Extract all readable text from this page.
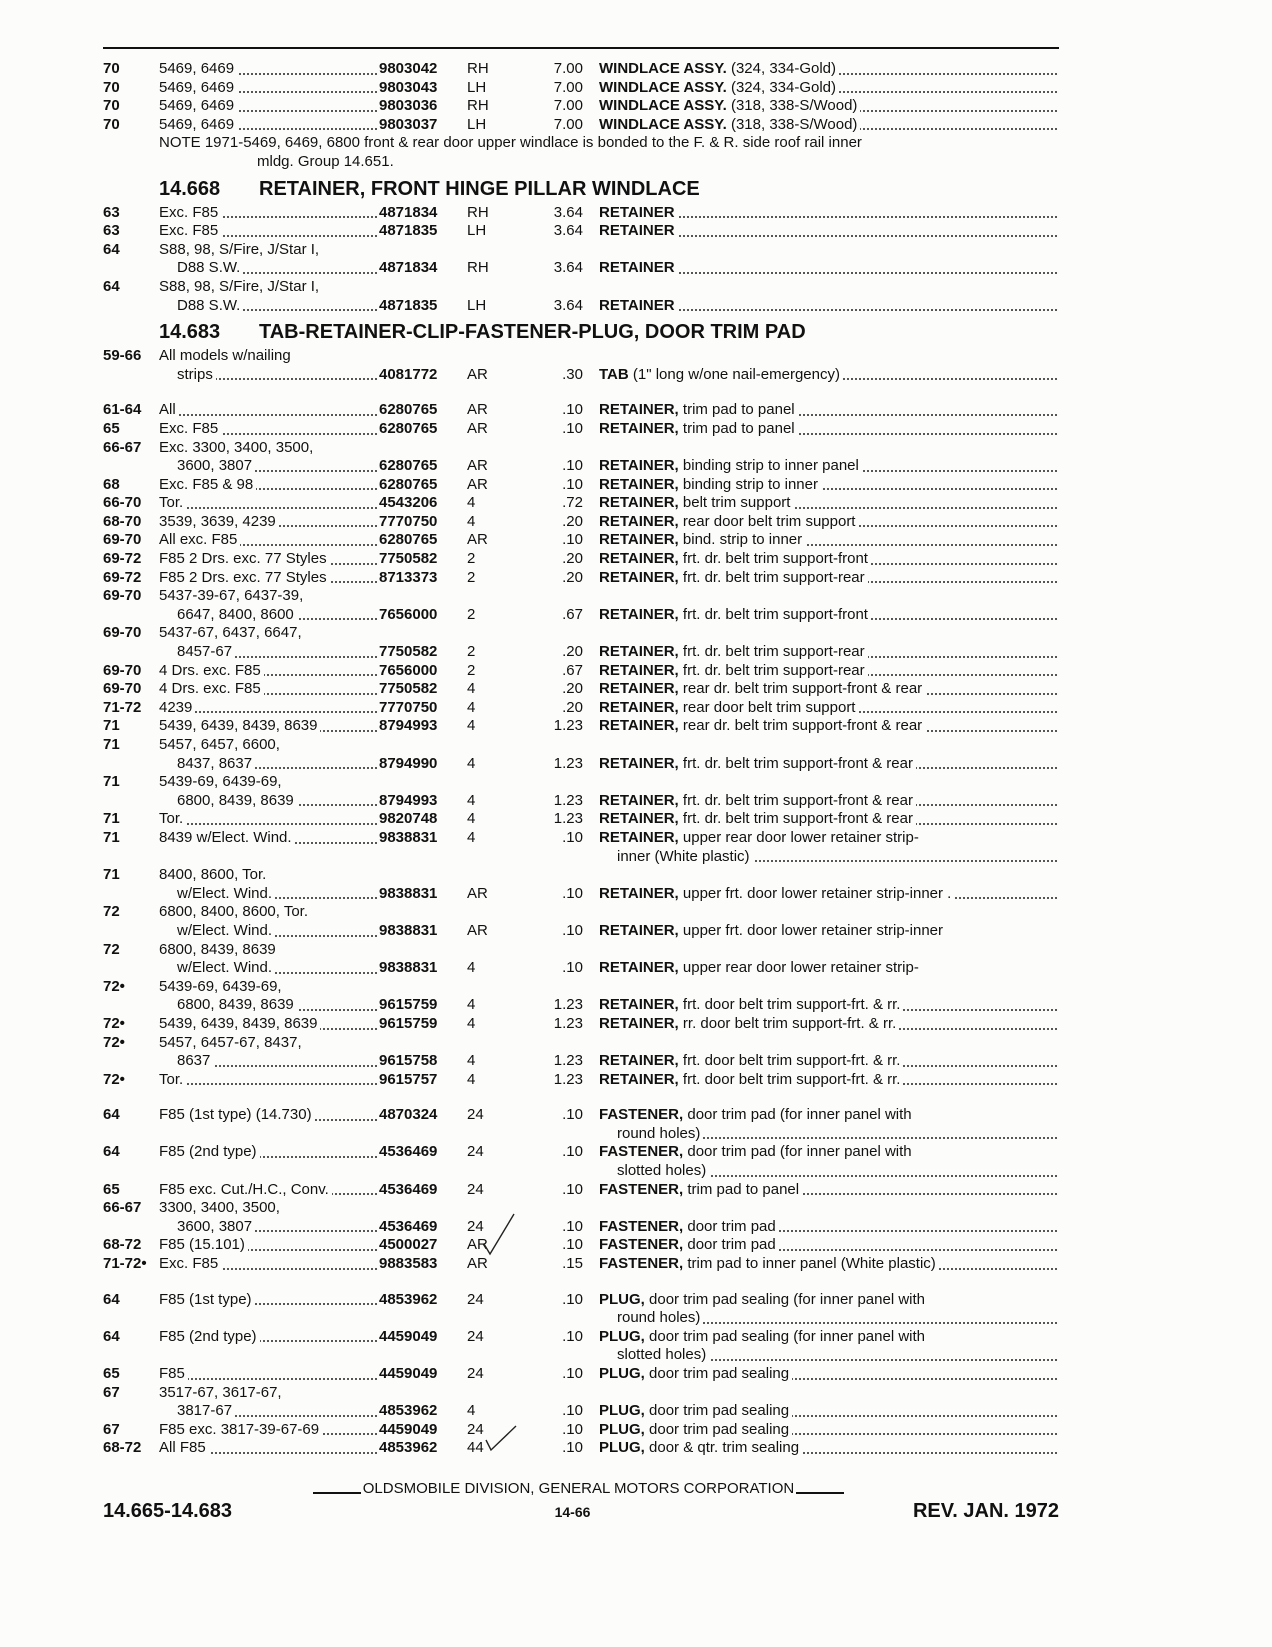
70	5469, 6469	9803042	RH	7.00 WINDLACE ASSY. (324, 334-Gold)
70	5469, 6469	9803043	LH	7.00 WINDLACE ASSY. (324, 334-Gold)
70	5469, 6469	9803036	RH	7.00 WINDLACE ASSY. (318, 338-S/Wood)
70	5469, 6469	9803037	LH	7.00 WINDLACE ASSY. (318, 338-S/Wood)
NOTE 1971-5469, 6469, 6800 front & rear door upper windlace is bonded to the F. & R. side roof rail inner
mldg. Group 14.651.
14.668 RETAINER, FRONT HINGE PILLAR WINDLACE
63	Exc. F85	4871834	RH	3.64 RETAINER
63	Exc. F85	4871835	LH	3.64 RETAINER
64	S88, 98, S/Fire, J/Star I,
D88 S.W.	4871834	RH	3.64 RETAINER
64	S88, 98, S/Fire, J/Star I,
D88 S.W.	4871835	LH	3.64 RETAINER
14.683 TAB-RETAINER-CLIP-FASTENER-PLUG, DOOR TRIM PAD
59-66	All models w/nailing
strips	4081772	AR	.30 TAB (1" long w/one nail-emergency)
61-64	All	6280765	AR	.10 RETAINER, trim pad to panel
65	Exc. F85	6280765	AR	.10 RETAINER, trim pad to panel
66-67	Exc. 3300, 3400, 3500,
3600, 3807	6280765	AR	.10 RETAINER, binding strip to inner panel
68	Exc. F85 & 98	6280765	AR	.10 RETAINER, binding strip to inner
66-70	Tor.	4543206	4	.72 RETAINER, belt trim support
68-70	3539, 3639, 4239	7770750	4	.20 RETAINER, rear door belt trim support
69-70	All exc. F85	6280765	AR	.10 RETAINER, bind. strip to inner
69-72	F85 2 Drs. exc. 77 Styles	7750582	2	.20 RETAINER, frt. dr. belt trim support-front
69-72	F85 2 Drs. exc. 77 Styles	8713373	2	.20 RETAINER, frt. dr. belt trim support-rear
69-70	5437-39-67, 6437-39,
6647, 8400, 8600	7656000	2	.67 RETAINER, frt. dr. belt trim support-front
69-70	5437-67, 6437, 6647,
8457-67	7750582	2	.20 RETAINER, frt. dr. belt trim support-rear
69-70	4 Drs. exc. F85	7656000	2	.67 RETAINER, frt. dr. belt trim support-rear
69-70	4 Drs. exc. F85	7750582	4	.20 RETAINER, rear dr. belt trim support-front & rear
71-72	4239	7770750	4	.20 RETAINER, rear door belt trim support
71	5439, 6439, 8439, 8639	8794993	4	1.23 RETAINER, rear dr. belt trim support-front & rear
71	5457, 6457, 6600,
8437, 8637	8794990	4	1.23 RETAINER, frt. dr. belt trim support-front & rear
71	5439-69, 6439-69,
6800, 8439, 8639	8794993	4	1.23 RETAINER, frt. dr. belt trim support-front & rear
71	Tor.	9820748	4	1.23 RETAINER, frt. dr. belt trim support-front & rear
71	8439 w/Elect. Wind.	9838831	4	.10 RETAINER, upper rear door lower retainer strip-
inner (White plastic)
71	8400, 8600, Tor.
w/Elect. Wind.	9838831	AR	.10 RETAINER, upper frt. door lower retainer strip-inner .
72	6800, 8400, 8600, Tor.
w/Elect. Wind.	9838831	AR	.10 RETAINER, upper frt. door lower retainer strip-inner
72	6800, 8439, 8639
w/Elect. Wind.	9838831	4	.10 RETAINER, upper rear door lower retainer strip-
72•	5439-69, 6439-69,
6800, 8439, 8639	9615759	4	1.23 RETAINER, frt. door belt trim support-frt. & rr.
72•	5439, 6439, 8439, 8639	9615759	4	1.23 RETAINER, rr. door belt trim support-frt. & rr.
72•	5457, 6457-67, 8437,
8637	9615758	4	1.23 RETAINER, frt. door belt trim support-frt. & rr.
72•	Tor.	9615757	4	1.23 RETAINER, frt. door belt trim support-frt. & rr.
64	F85 (1st type) (14.730)	4870324	24	.10 FASTENER, door trim pad (for inner panel with
round holes)
64	F85 (2nd type)	4536469	24	.10 FASTENER, door trim pad (for inner panel with
slotted holes)
65	F85 exc. Cut./H.C., Conv.	4536469	24	.10 FASTENER, trim pad to panel
66-67	3300, 3400, 3500,
3600, 3807	4536469	24	.10 FASTENER, door trim pad
68-72	F85 (15.101)	4500027	AR	.10 FASTENER, door trim pad
71-72• Exc. F85	9883583	AR	.15 FASTENER, trim pad to inner panel (White plastic)
64	F85 (1st type)	4853962	24	.10 PLUG, door trim pad sealing (for inner panel with
round holes)
64	F85 (2nd type)	4459049	24	.10 PLUG, door trim pad sealing (for inner panel with
slotted holes)
65	F85	4459049	24	.10 PLUG, door trim pad sealing
67	3517-67, 3617-67,
3817-67	4853962	4	.10 PLUG, door trim pad sealing
67	F85 exc. 3817-39-67-69	4459049	24	.10 PLUG, door trim pad sealing
68-72	All F85	4853962	44	.10 PLUG, door & qtr. trim sealing
OLDSMOBILE DIVISION, GENERAL MOTORS CORPORATION
14.665-14.683	14-66	REV. JAN. 1972
